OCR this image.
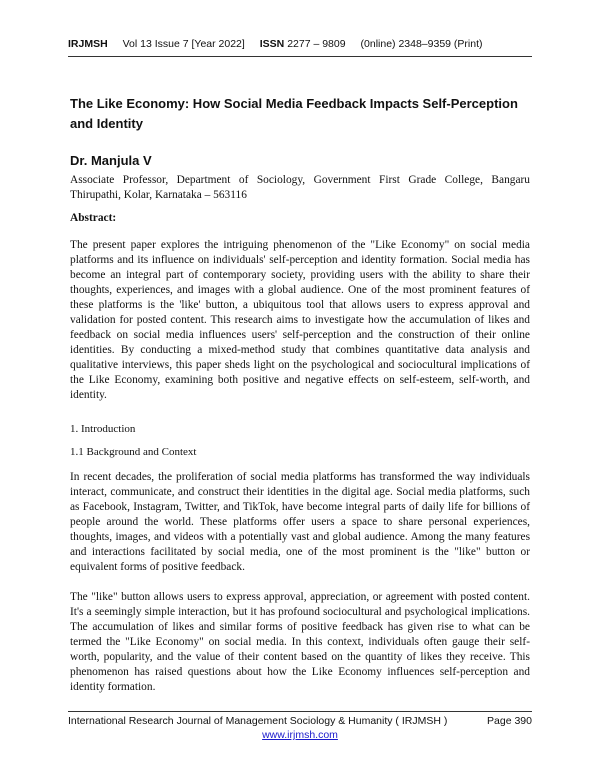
IRJMSH Vol 13 Issue 7 [Year 2022] ISSN 2277 – 9809 (0nline) 2348–9359 (Print)
The Like Economy: How Social Media Feedback Impacts Self-Perception and Identity
Dr. Manjula V
Associate Professor, Department of Sociology, Government First Grade College, Bangaru Thirupathi, Kolar, Karnataka – 563116
Abstract:
The present paper explores the intriguing phenomenon of the "Like Economy" on social media platforms and its influence on individuals' self-perception and identity formation. Social media has become an integral part of contemporary society, providing users with the ability to share their thoughts, experiences, and images with a global audience. One of the most prominent features of these platforms is the 'like' button, a ubiquitous tool that allows users to express approval and validation for posted content. This research aims to investigate how the accumulation of likes and feedback on social media influences users' self-perception and the construction of their online identities. By conducting a mixed-method study that combines quantitative data analysis and qualitative interviews, this paper sheds light on the psychological and sociocultural implications of the Like Economy, examining both positive and negative effects on self-esteem, self-worth, and identity.
1. Introduction
1.1 Background and Context
In recent decades, the proliferation of social media platforms has transformed the way individuals interact, communicate, and construct their identities in the digital age. Social media platforms, such as Facebook, Instagram, Twitter, and TikTok, have become integral parts of daily life for billions of people around the world. These platforms offer users a space to share personal experiences, thoughts, images, and videos with a potentially vast and global audience. Among the many features and interactions facilitated by social media, one of the most prominent is the "like" button or equivalent forms of positive feedback.
The "like" button allows users to express approval, appreciation, or agreement with posted content. It's a seemingly simple interaction, but it has profound sociocultural and psychological implications. The accumulation of likes and similar forms of positive feedback has given rise to what can be termed the "Like Economy" on social media. In this context, individuals often gauge their self-worth, popularity, and the value of their content based on the quantity of likes they receive. This phenomenon has raised questions about how the Like Economy influences self-perception and identity formation.
International Research Journal of Management Sociology & Humanity ( IRJMSH )	Page 390
www.irjmsh.com
